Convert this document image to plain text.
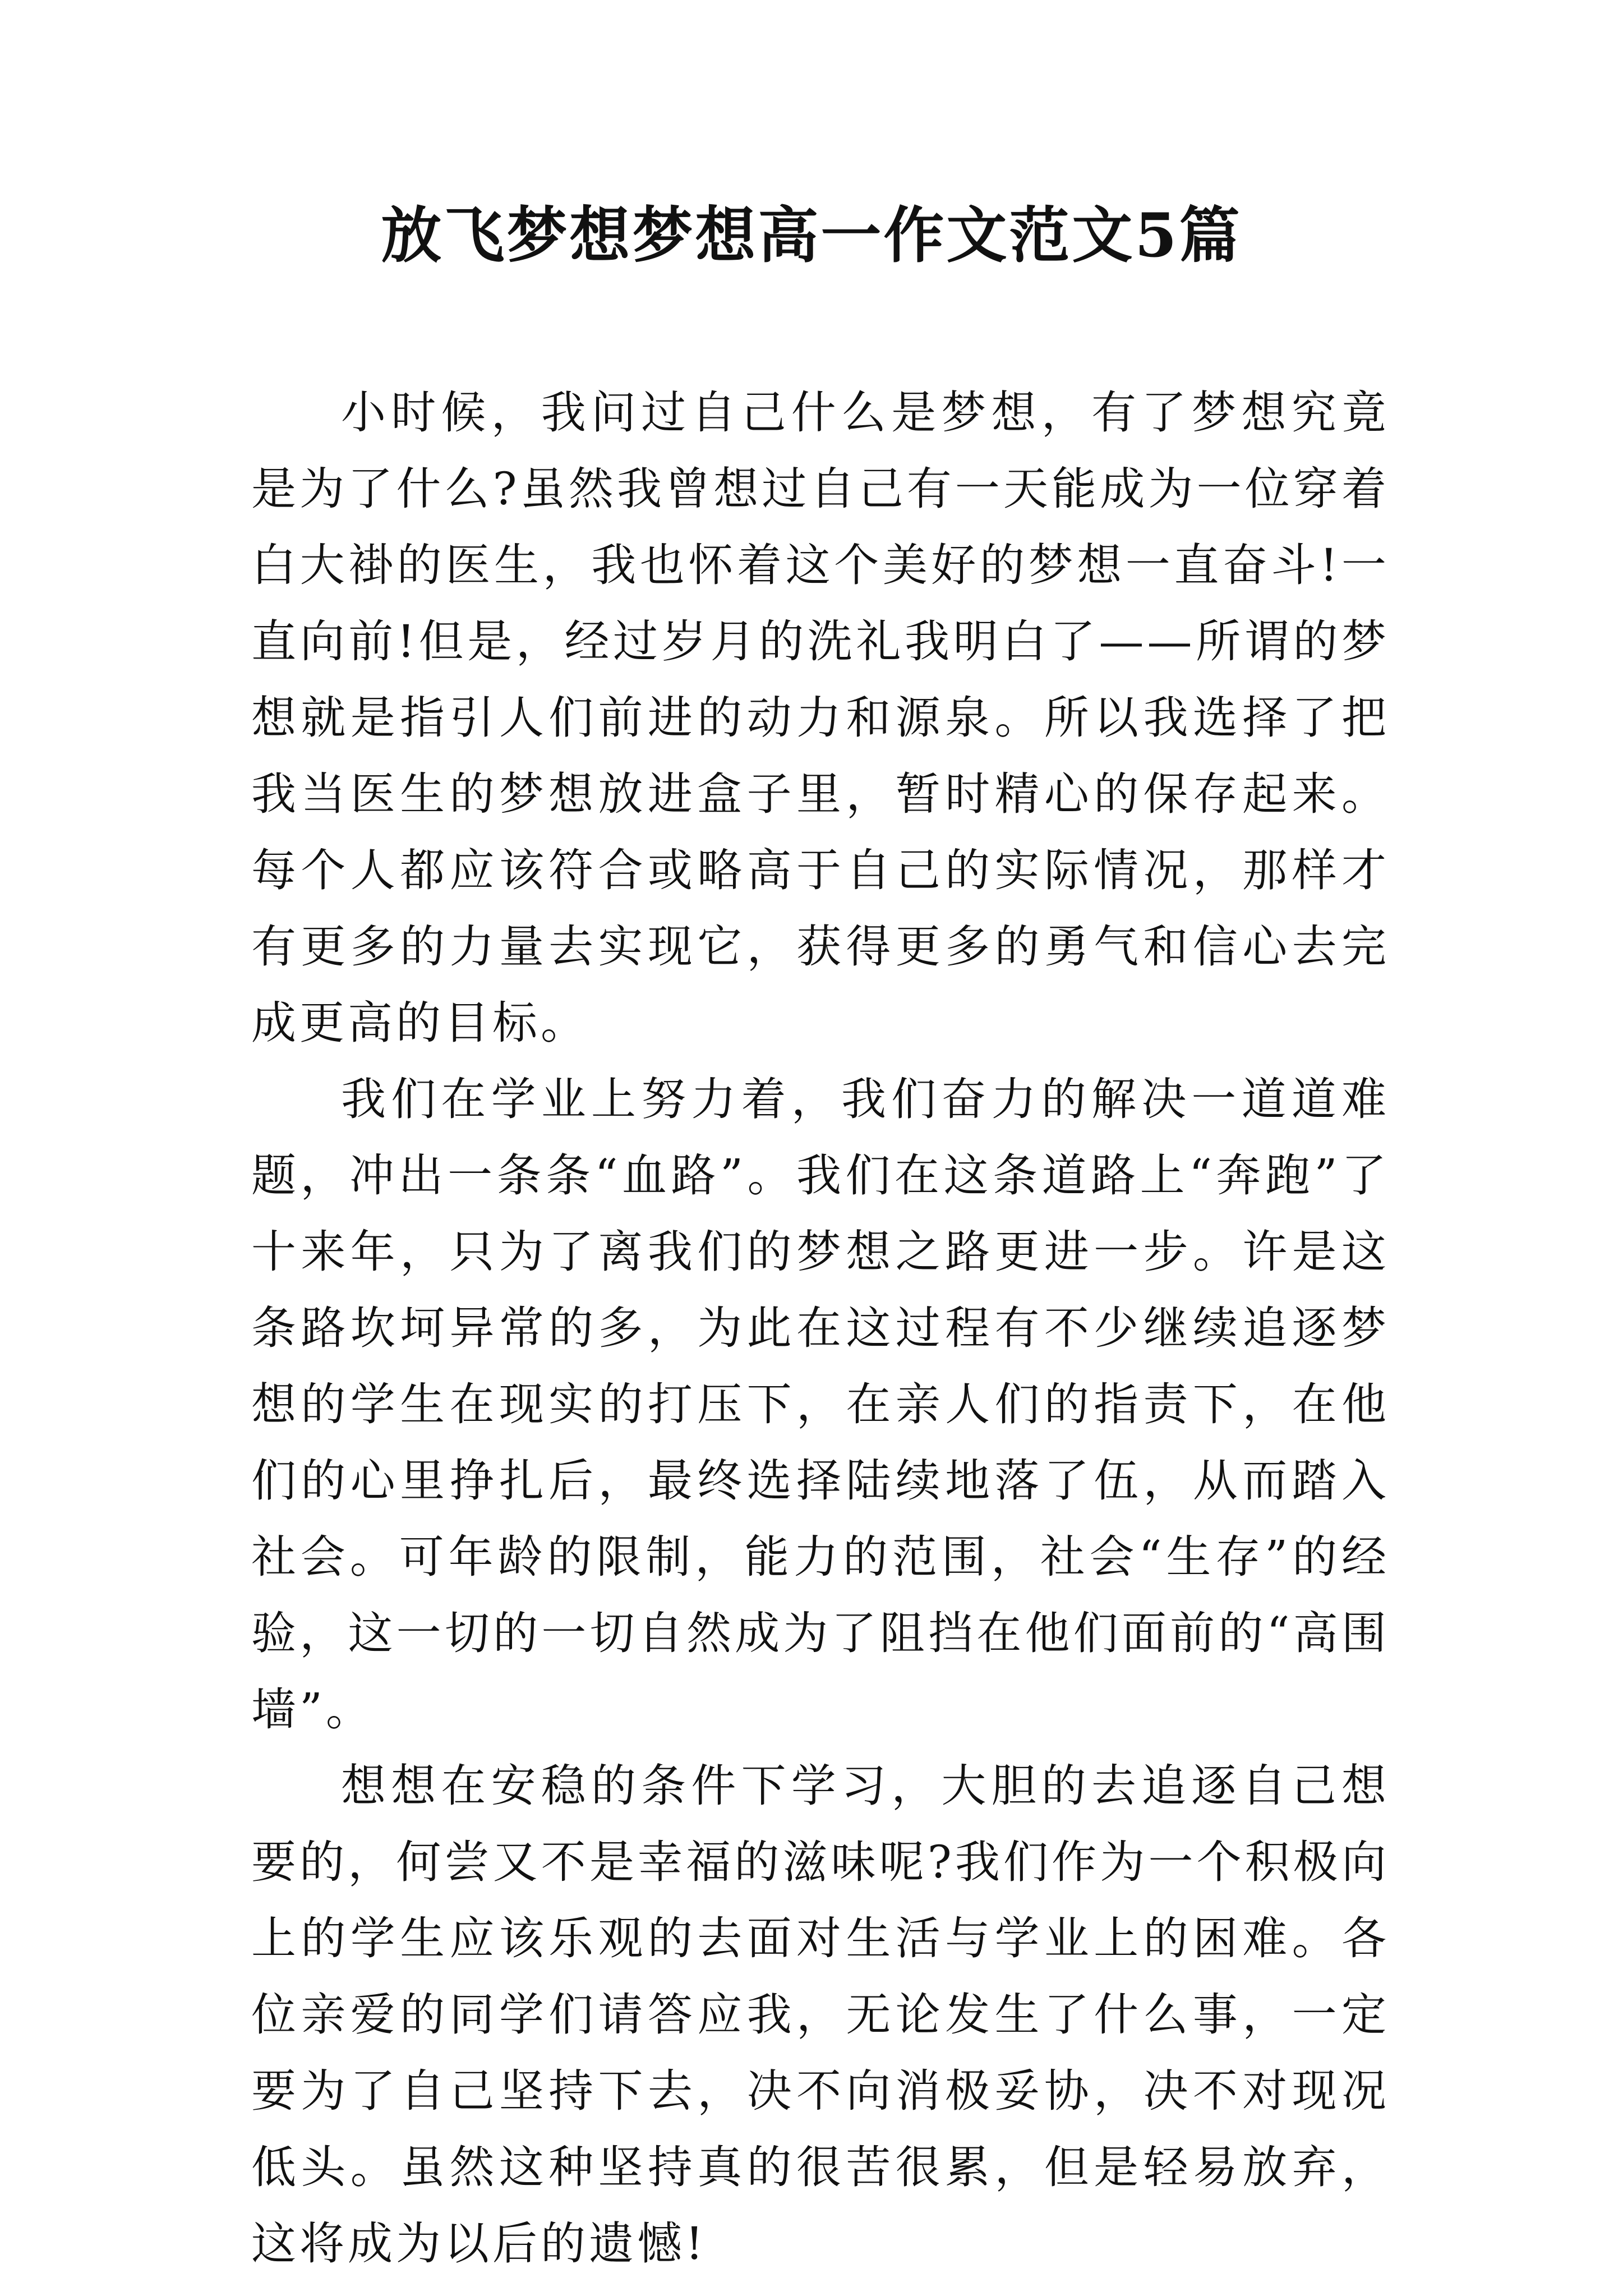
放飞梦想梦想高一作文范文5篇

小时候，我问过自己什么是梦想，有了梦想究竟是为了什么?虽然我曾想过自己有一天能成为一位穿着白大褂的医生，我也怀着这个美好的梦想一直奋斗!一直向前!但是，经过岁月的洗礼我明白了——所谓的梦想就是指引人们前进的动力和源泉。所以我选择了把我当医生的梦想放进盒子里，暂时精心的保存起来。每个人都应该符合或略高于自己的实际情况，那样才有更多的力量去实现它，获得更多的勇气和信心去完成更高的目标。

我们在学业上努力着，我们奋力的解决一道道难题，冲出一条条“血路”。我们在这条道路上“奔跑”了十来年，只为了离我们的梦想之路更进一步。许是这条路坎坷异常的多，为此在这过程有不少继续追逐梦想的学生在现实的打压下，在亲人们的指责下，在他们的心里挣扎后，最终选择陆续地落了伍，从而踏入社会。可年龄的限制，能力的范围，社会“生存”的经验，这一切的一切自然成为了阻挡在他们面前的“高围墙”。

想想在安稳的条件下学习，大胆的去追逐自己想要的，何尝又不是幸福的滋味呢?我们作为一个积极向上的学生应该乐观的去面对生活与学业上的困难。各位亲爱的同学们请答应我，无论发生了什么事，一定要为了自己坚持下去，决不向消极妥协，决不对现况低头。虽然这种坚持真的很苦很累，但是轻易放弃，这将成为以后的遗憾!
